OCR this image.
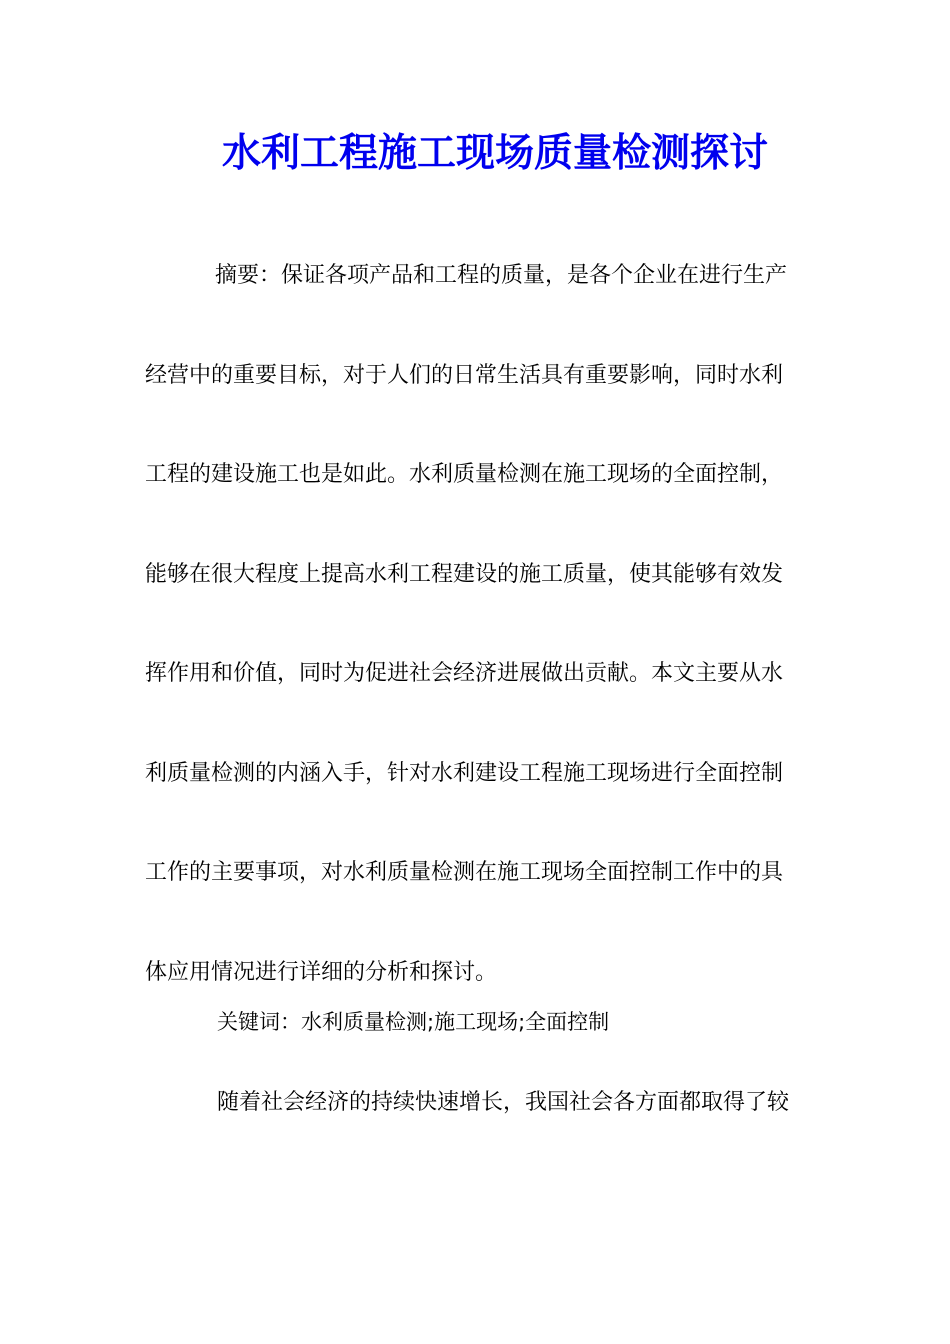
水利工程施工现场质量检测探讨
摘要：保证各项产品和工程的质量，是各个企业在进行生产
经营中的重要目标，对于人们的日常生活具有重要影响，同时水利
工程的建设施工也是如此。水利质量检测在施工现场的全面控制，
能够在很大程度上提高水利工程建设的施工质量，使其能够有效发
挥作用和价值，同时为促进社会经济进展做出贡献。本文主要从水
利质量检测的内涵入手，针对水利建设工程施工现场进行全面控制
工作的主要事项，对水利质量检测在施工现场全面控制工作中的具
体应用情况进行详细的分析和探讨。

关键词：水利质量检测;施工现场;全面控制

随着社会经济的持续快速增长，我国社会各方面都取得了较
